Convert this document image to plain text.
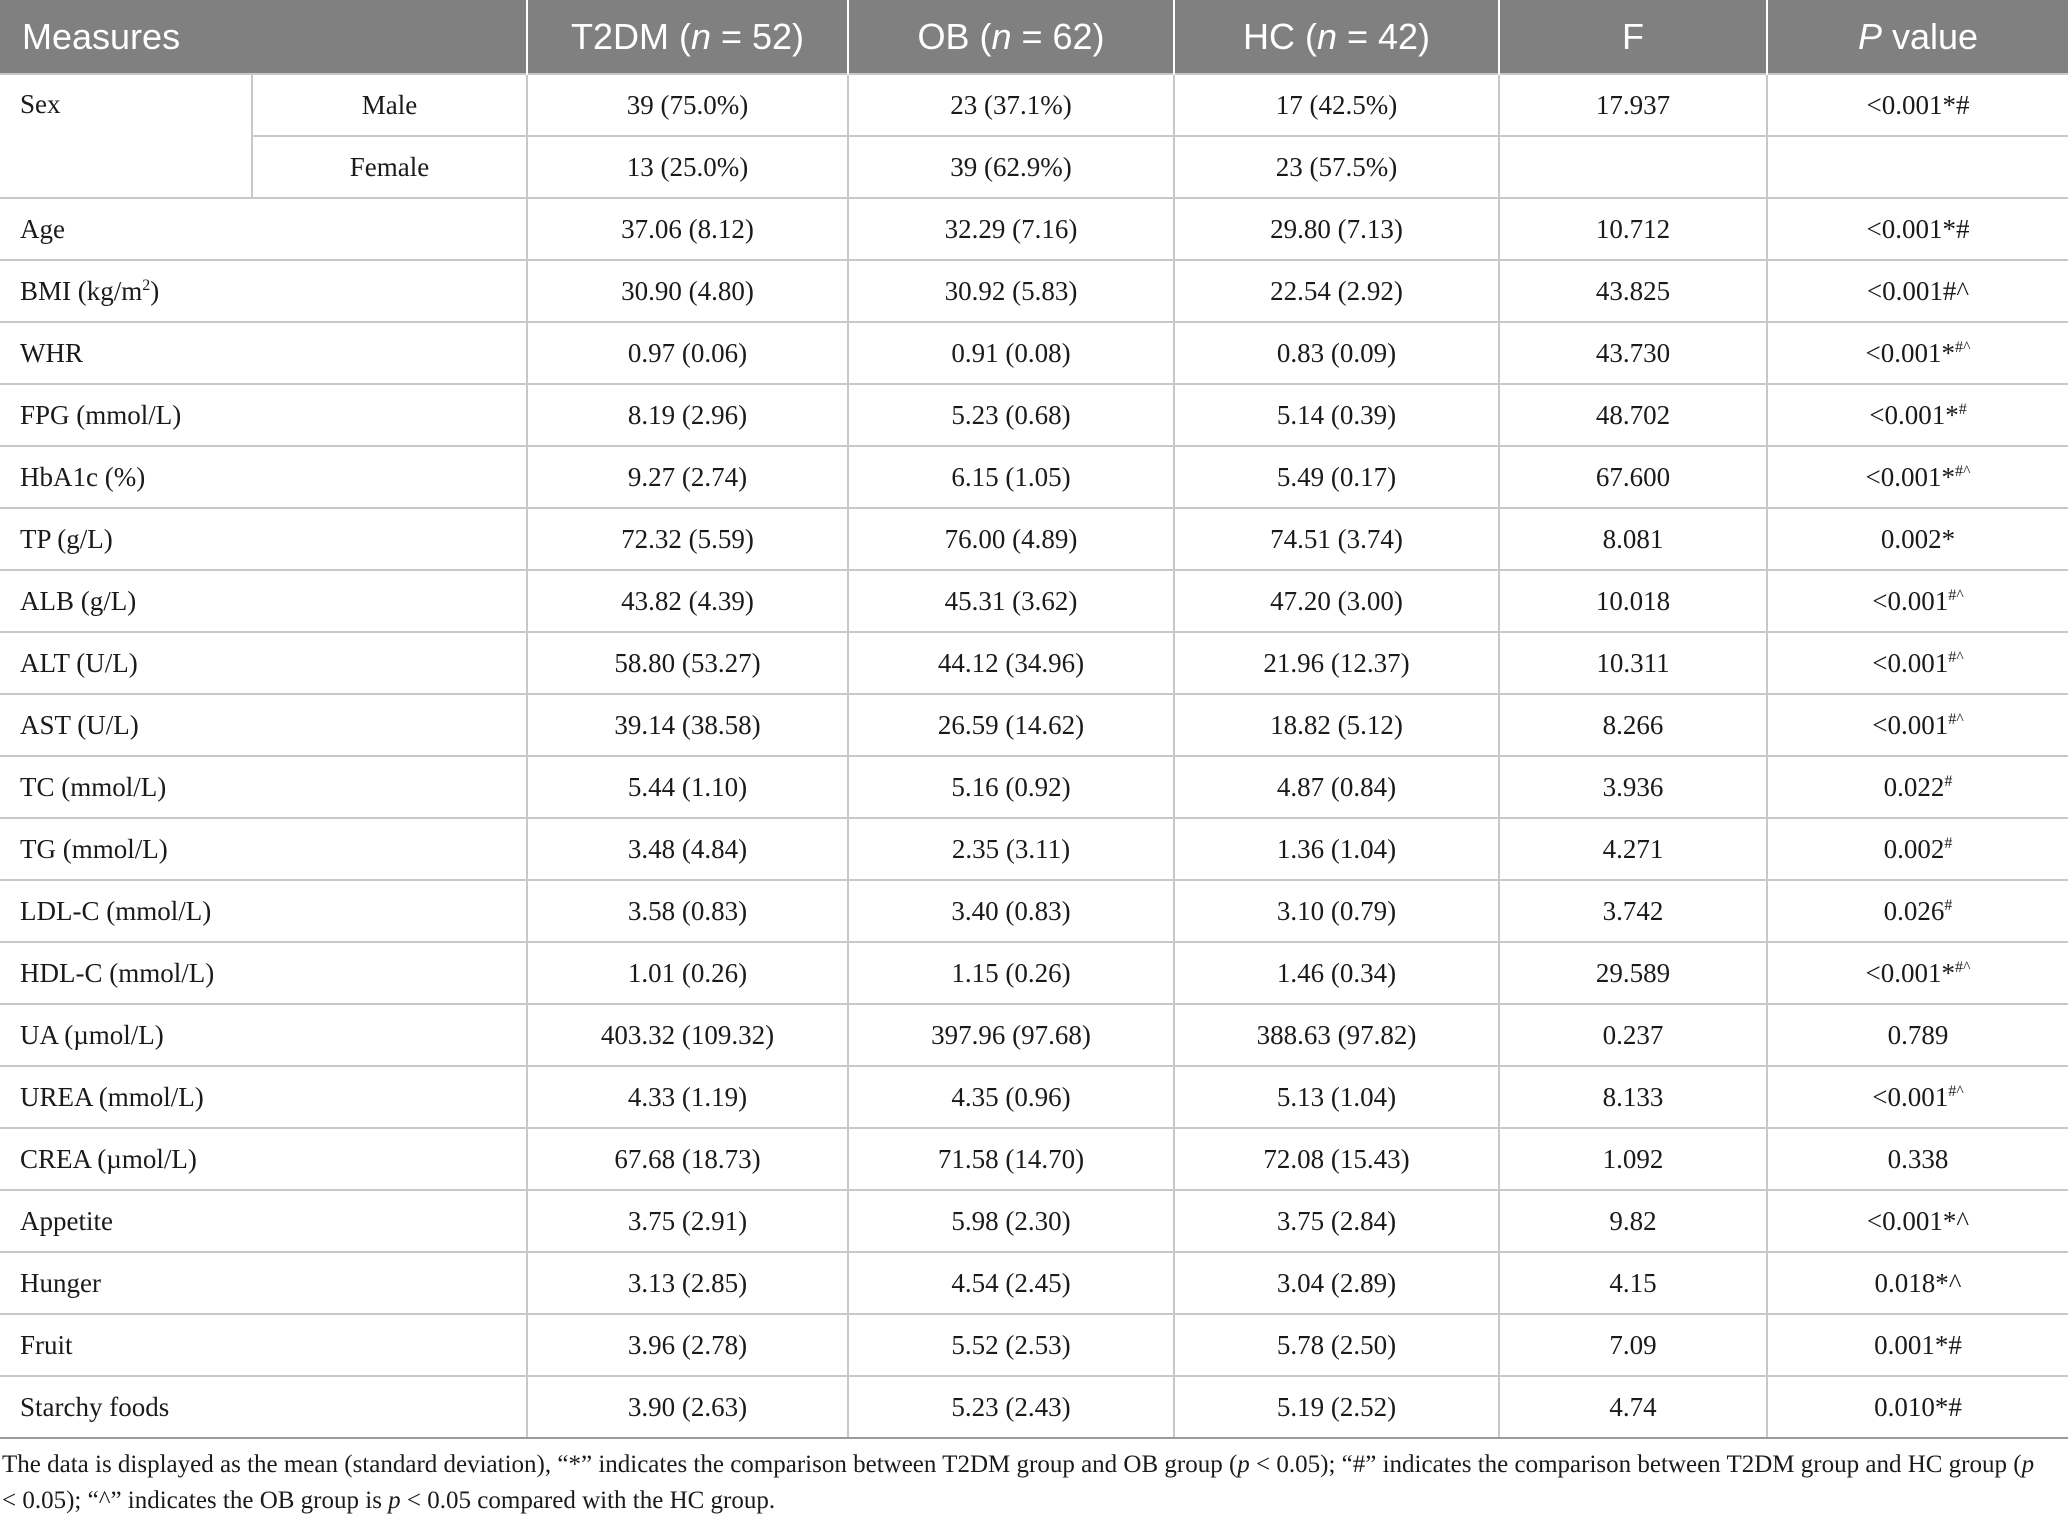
Measures		T2DM (n = 52)	OB (n = 62)	HC (n = 42)	F	P value
Sex	Male	39 (75.0%)	23 (37.1%)	17 (42.5%)	17.937	<0.001*#
	Female	13 (25.0%)	39 (62.9%)	23 (57.5%)		
Age		37.06 (8.12)	32.29 (7.16)	29.80 (7.13)	10.712	<0.001*#
BMI $(kg/m^2)$		30.90 (4.80)	30.92 (5.83)	22.54 (2.92)	43.825	<0.001#^
WHR		0.97 (0.06)	0.91 (0.08)	0.83 (0.09)	43.730	<0.001*#^
FPG (mmol/L)		8.19 (2.96)	5.23 (0.68)	5.14 (0.39)	48.702	<0.001*#
HbA1c (%)		9.27 (2.74)	6.15 (1.05)	5.49 (0.17)	67.600	<0.001*#^
TP (g/L)		72.32 (5.59)	76.00 (4.89)	74.51 (3.74)	8.081	0.002*
ALB (g/L)		43.82 (4.39)	45.31 (3.62)	47.20 (3.00)	10.018	<0.001#^
ALT (U/L)		58.80 (53.27)	44.12 (34.96)	21.96 (12.37)	10.311	<0.001#^
AST (U/L)		39.14 (38.58)	26.59 (14.62)	18.82 (5.12)	8.266	<0.001#^
TC (mmol/L)		5.44 (1.10)	5.16 (0.92)	4.87 (0.84)	3.936	0.022#
TG (mmol/L)		3.48 (4.84)	2.35 (3.11)	1.36 (1.04)	4.271	0.002#
LDL-C (mmol/L)		3.58 (0.83)	3.40 (0.83)	3.10 (0.79)	3.742	0.026#
HDL-C (mmol/L)		1.01 (0.26)	1.15 (0.26)	1.46 (0.34)	29.589	<0.001*#^
UA (µmol/L)		403.32 (109.32)	397.96 (97.68)	388.63 (97.82)	0.237	0.789
UREA (mmol/L)		4.33 (1.19)	4.35 (0.96)	5.13 (1.04)	8.133	<0.001#^
CREA (µmol/L)		67.68 (18.73)	71.58 (14.70)	72.08 (15.43)	1.092	0.338
Appetite		3.75 (2.91)	5.98 (2.30)	3.75 (2.84)	9.82	<0.001*^
Hunger		3.13 (2.85)	4.54 (2.45)	3.04 (2.89)	4.15	0.018*^
Fruit		3.96 (2.78)	5.52 (2.53)	5.78 (2.50)	7.09	0.001*#
Starchy foods		3.90 (2.63)	5.23 (2.43)	5.19 (2.52)	4.74	0.010*#
The data is displayed as the mean (standard deviation), “*” indicates the comparison between T2DM group and OB group (p < 0.05); “#” indicates the comparison between T2DM group and HC group (p < 0.05); “^” indicates the OB group is p < 0.05 compared with the HC group.
